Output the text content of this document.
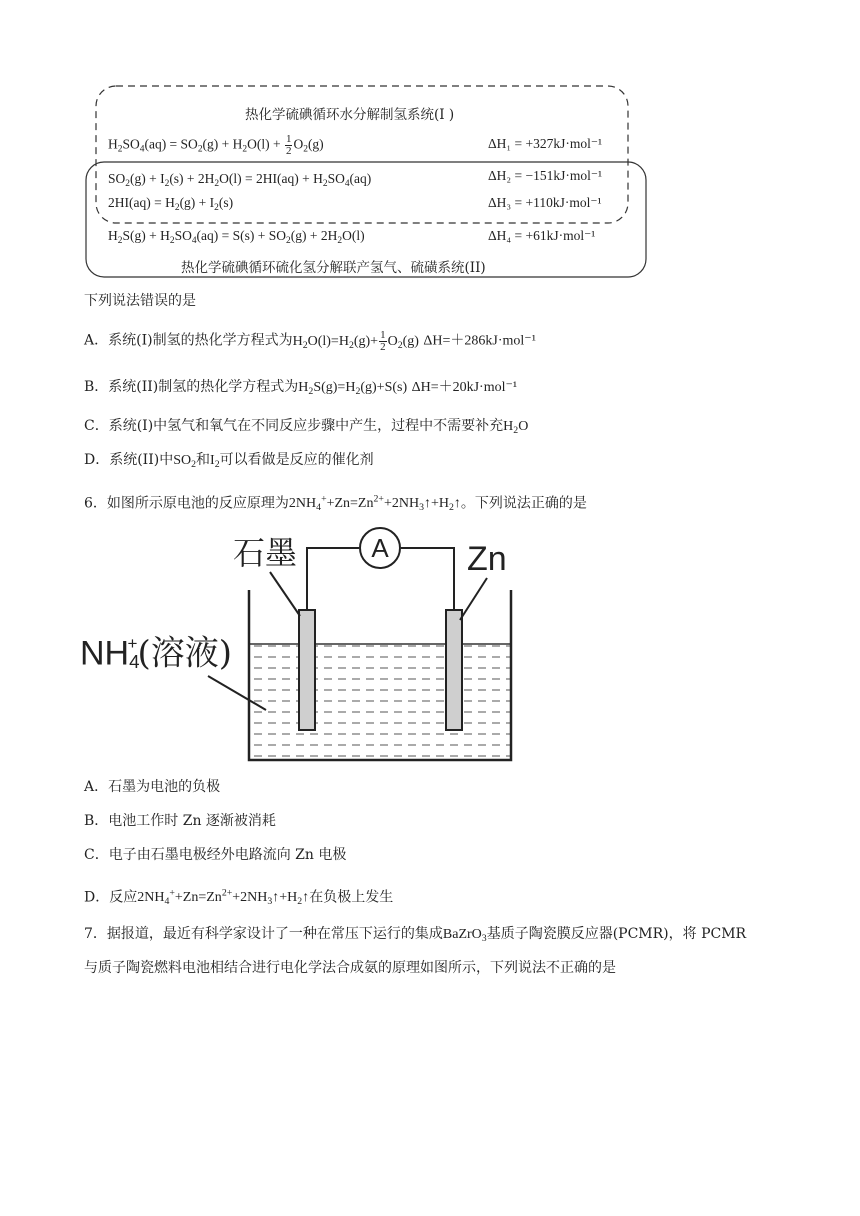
热化学硫碘循环水分解制氢系统(I )
$H_2SO_4(aq) = SO_2(g) + H_2O(l) + \frac{1}{2} O_2(g)$	ΔH₁ = +327kJ·mol⁻¹
$SO_2(g) + I_2(s) + 2H_2O(l) = 2HI(aq) + H_2SO_4(aq)$	ΔH₂ = −151kJ·mol⁻¹
$2HI(aq) = H_2(g) + I_2(s)$	ΔH₃ = +110kJ·mol⁻¹
$H_2S(g) + H_2SO_4(aq) = S(s) + SO_2(g) + 2H_2O(l)$	ΔH₄ = +61kJ·mol⁻¹
热化学硫碘循环硫化氢分解联产氢气、硫磺系统(II)
下列说法错误的是
A．系统(I)制氢的热化学方程式为$H_2O(l)=H_2(g)+ \frac{1}{2} O_2(g)$ ΔH=＋286kJ·mol⁻¹
B．系统(II)制氢的热化学方程式为$H_2S(g)=H_2(g)+S(s)$ ΔH=＋20kJ·mol⁻¹
C．系统(I)中氢气和氧气在不同反应步骤中产生，过程中不需要补充$H_2O$
D．系统(II)中$SO_2$和$I_2$可以看做是反应的催化剂
6．如图所示原电池的反应原理为$2NH_4^++Zn=Zn^{2+}+2NH_3↑+H_2↑$。下列说法正确的是
A
石墨	Zn
$NH_4^+$(溶液)
A．石墨为电池的负极
B．电池工作时 Zn 逐渐被消耗
C．电子由石墨电极经外电路流向 Zn 电极
D．反应$2NH_4^++Zn=Zn^{2+}+2NH_3↑+H_2↑$在负极上发生
7．据报道，最近有科学家设计了一种在常压下运行的集成BaZrO$_3$基质子陶瓷膜反应器(PCMR)，将 PCMR
与质子陶瓷燃料电池相结合进行电化学法合成氨的原理如图所示，下列说法不正确的是
